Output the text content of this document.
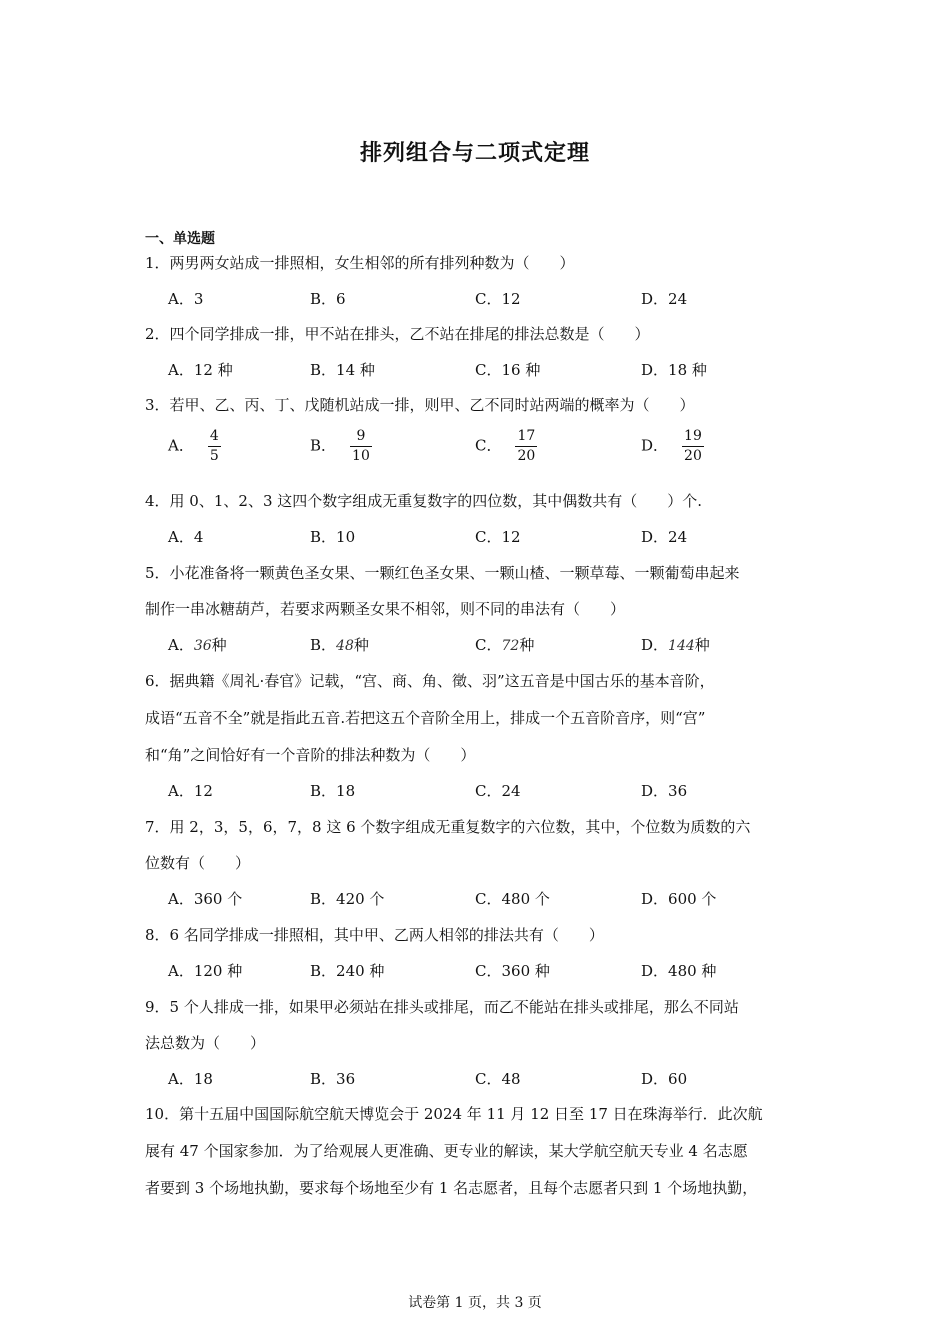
排列组合与二项式定理
一、单选题
1．两男两女站成一排照相，女生相邻的所有排列种数为（　　）
A．3	B．6	C．12	D．24
2．四个同学排成一排，甲不站在排头，乙不站在排尾的排法总数是（　　）
A．12 种	B．14 种	C．16 种	D．18 种
3．若甲、乙、丙、丁、戊随机站成一排，则甲、乙不同时站两端的概率为（　　）
A． $\frac{4}{5}$	B． $\frac{9}{10}$	C． $\frac{17}{20}$	D． $\frac{19}{20}$
4．用 0、1、2、3 这四个数字组成无重复数字的四位数，其中偶数共有（　　）个.
A．4	B．10	C．12	D．24
5．小花准备将一颗黄色圣女果、一颗红色圣女果、一颗山楂、一颗草莓、一颗葡萄串起来
制作一串冰糖葫芦，若要求两颗圣女果不相邻，则不同的串法有（　　）
A．36种	B．48种	C．72种	D．144种
6．据典籍《周礼·春官》记载，“宫、商、角、徵、羽”这五音是中国古乐的基本音阶，
成语“五音不全”就是指此五音.若把这五个音阶全用上，排成一个五音阶音序，则“宫”
和“角”之间恰好有一个音阶的排法种数为（　　）
A．12	B．18	C．24	D．36
7．用 2，3，5，6，7，8 这 6 个数字组成无重复数字的六位数，其中，个位数为质数的六
位数有（　　）
A．360 个	B．420 个	C．480 个	D．600 个
8．6 名同学排成一排照相，其中甲、乙两人相邻的排法共有（　　）
A．120 种	B．240 种	C．360 种	D．480 种
9．5 个人排成一排，如果甲必须站在排头或排尾，而乙不能站在排头或排尾，那么不同站
法总数为（　　）
A．18	B．36	C．48	D．60
10．第十五届中国国际航空航天博览会于 2024 年 11 月 12 日至 17 日在珠海举行．此次航
展有 47 个国家参加．为了给观展人更准确、更专业的解读，某大学航空航天专业 4 名志愿
者要到 3 个场地执勤，要求每个场地至少有 1 名志愿者，且每个志愿者只到 1 个场地执勤，
试卷第 1 页，共 3 页
